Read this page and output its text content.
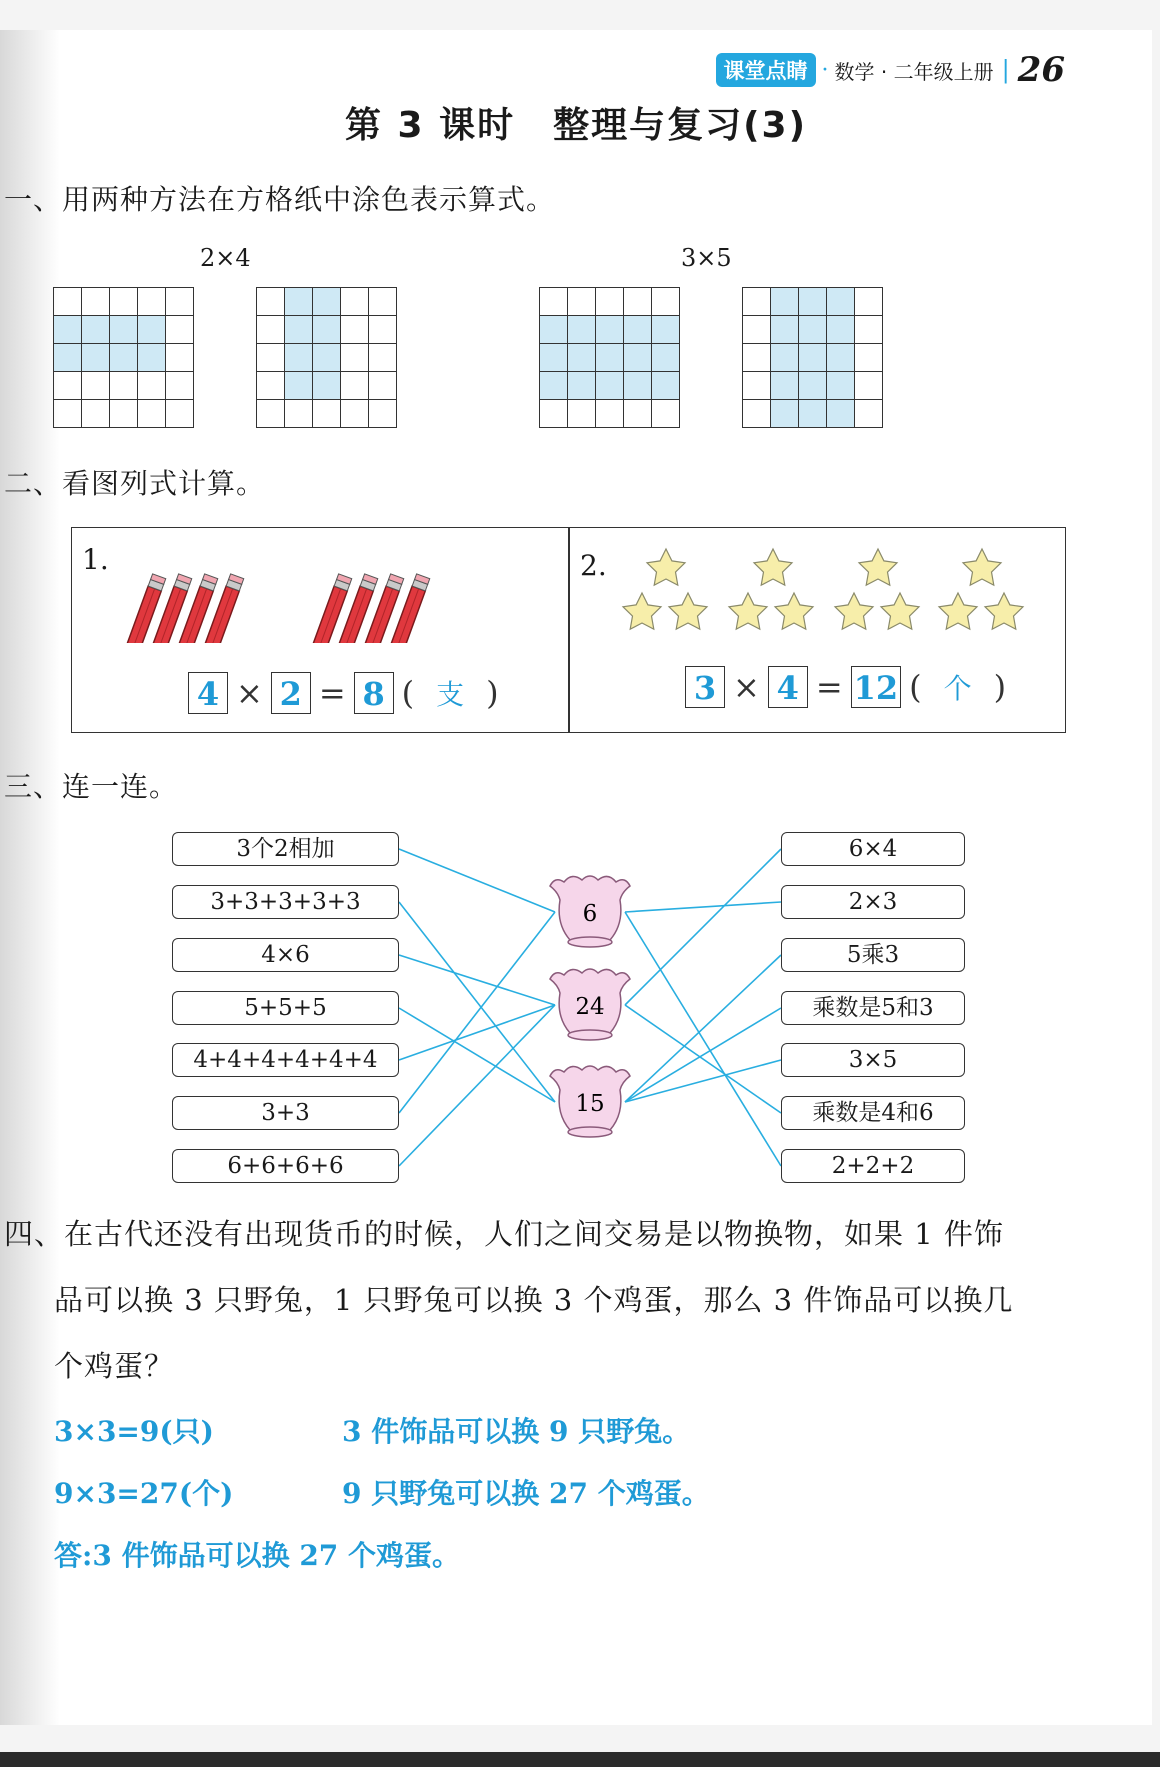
课堂点睛 · 数学 · 二年级上册 | 26
第 3 课时　整理与复习(3)
一、用两种方法在方格纸中涂色表示算式。
2×4	3×5
二、看图列式计算。
1.	2.
4 × 2 = 8 ( 支 )	3 × 4 = 12 ( 个 )
三、连一连。
3个2相加
3+3+3+3+3
4×6
5+5+5
4+4+4+4+4+4
3+3
6+6+6+6
6×4
2×3
5乘3
乘数是5和3
3×5
乘数是4和6
2+2+2
6
24
15
四、在古代还没有出现货币的时候，人们之间交易是以物换物，如果 1 件饰
品可以换 3 只野兔，1 只野兔可以换 3 个鸡蛋，那么 3 件饰品可以换几
个鸡蛋？
3×3=9(只)	3 件饰品可以换 9 只野兔。
9×3=27(个)	9 只野兔可以换 27 个鸡蛋。
答:3 件饰品可以换 27 个鸡蛋。
